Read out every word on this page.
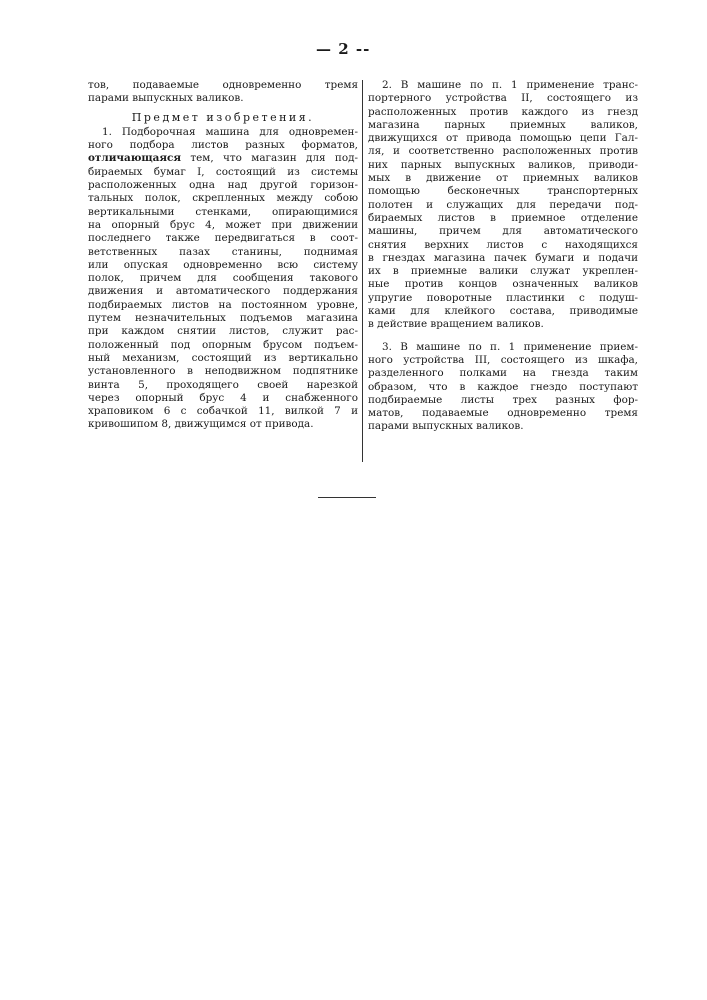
— 2 --
тов, подаваемые одновременно тремя
парами выпускных валиков.
Предмет изобретения.
1. Подборочная машина для одновремен-
ного подбора листов разных форматов,
отличающаяся тем, что магазин для под-
бираемых бумаг I, состоящий из системы
расположенных одна над другой горизон-
тальных полок, скрепленных между собою
вертикальными стенками, опирающимися
на опорный брус 4, может при движении
последнего также передвигаться в соот-
ветственных пазах станины, поднимая
или опуская одновременно всю систему
полок, причем для сообщения такового
движения и автоматического поддержания
подбираемых листов на постоянном уровне,
путем незначительных подъемов магазина
при каждом снятии листов, служит рас-
положенный под опорным брусом подъем-
ный механизм, состоящий из вертикально
установленного в неподвижном подпятнике
винта 5, проходящего своей нарезкой
через опорный брус 4 и снабженного
храповиком 6 с собачкой 11, вилкой 7 и
кривошипом 8, движущимся от привода.
2. В машине по п. 1 применение транс-
портерного устройства II, состоящего из
расположенных против каждого из гнезд
магазина парных приемных валиков,
движущихся от привода помощью цепи Гал-
ля, и соответственно расположенных против
них парных выпускных валиков, приводи-
мых в движение от приемных валиков
помощью бесконечных транспортерных
полотен и служащих для передачи под-
бираемых листов в приемное отделение
машины, причем для автоматического
снятия верхних листов с находящихся
в гнездах магазина пачек бумаги и подачи
их в приемные валики служат укреплен-
ные против концов означенных валиков
упругие поворотные пластинки с подуш-
ками для клейкого состава, приводимые
в действие вращением валиков.
3. В машине по п. 1 применение прием-
ного устройства III, состоящего из шкафа,
разделенного полками на гнезда таким
образом, что в каждое гнездо поступают
подбираемые листы трех разных фор-
матов, подаваемые одновременно тремя
парами выпускных валиков.
